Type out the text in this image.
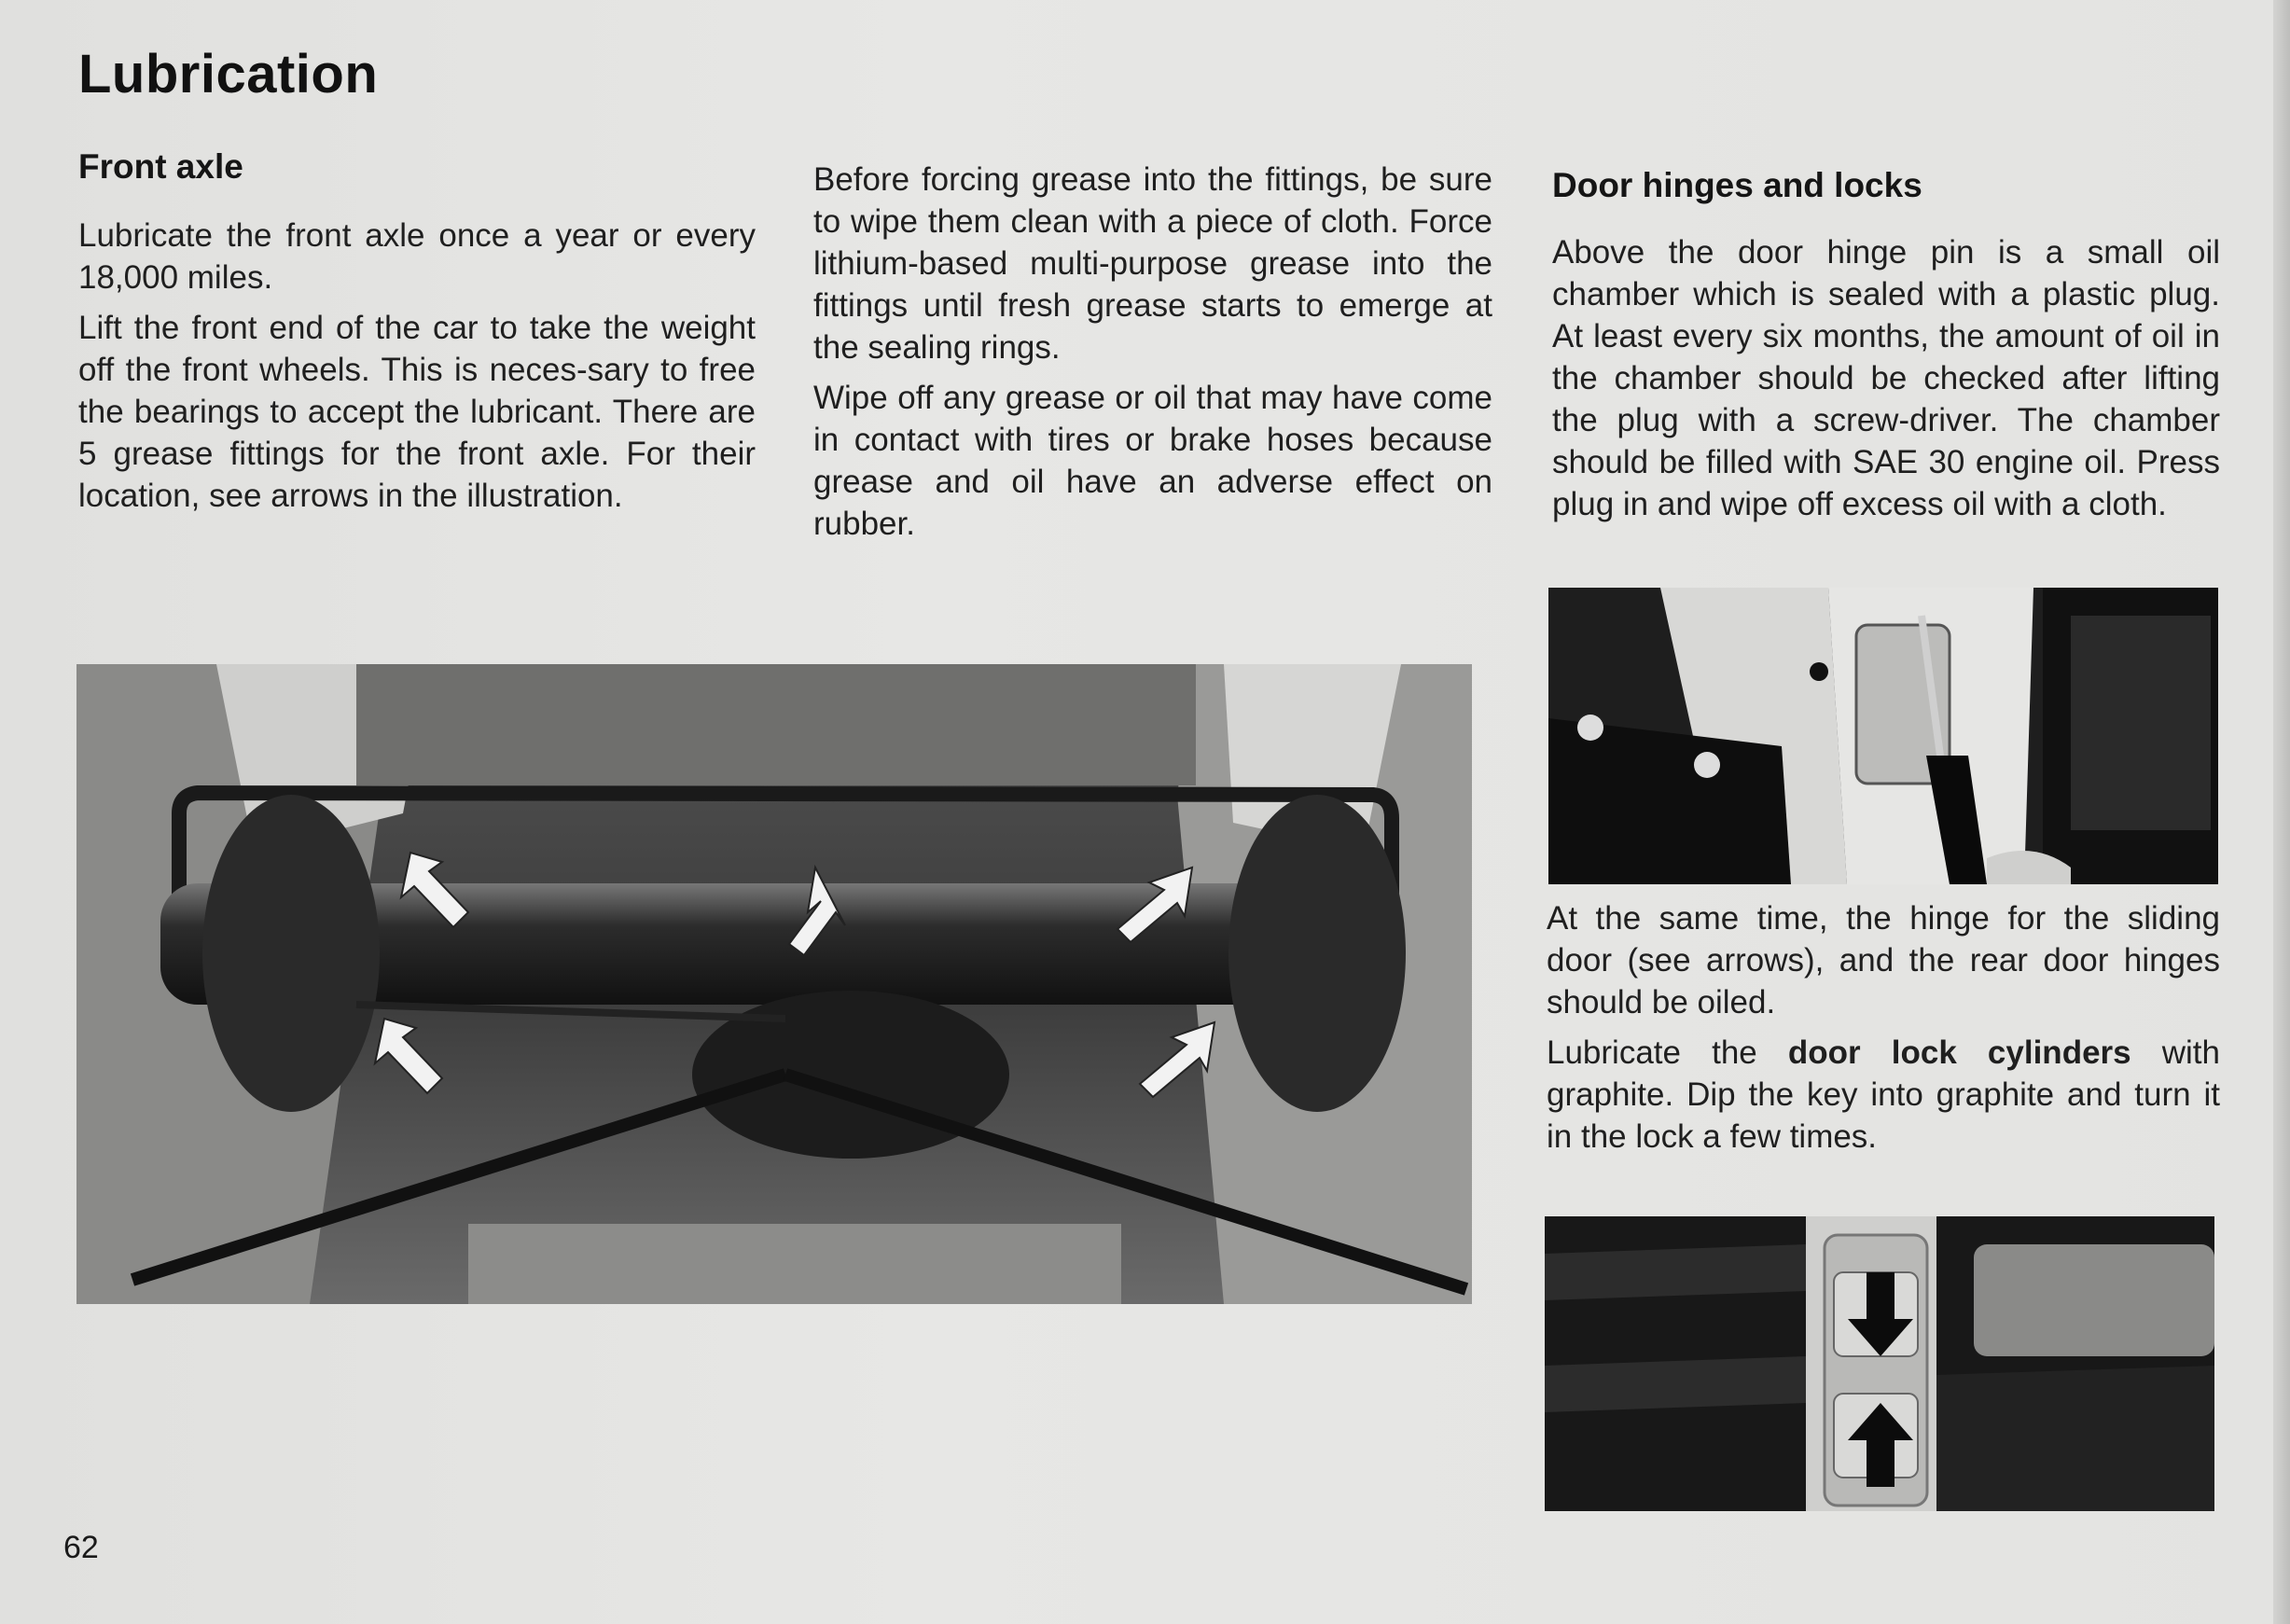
Lubrication
Front axle

Lubricate the front axle once a year or every 18,000 miles.

Lift the front end of the car to take the weight off the front wheels. This is neces-sary to free the bearings to accept the lubricant. There are 5 grease fittings for the front axle. For their location, see arrows in the illustration.

Before forcing grease into the fittings, be sure to wipe them clean with a piece of cloth. Force lithium-based multi-purpose grease into the fittings until fresh grease starts to emerge at the sealing rings.

Wipe off any grease or oil that may have come in contact with tires or brake hoses because grease and oil have an adverse effect on rubber.

Door hinges and locks

Above the door hinge pin is a small oil chamber which is sealed with a plastic plug. At least every six months, the amount of oil in the chamber should be checked after lifting the plug with a screw-driver. The chamber should be filled with SAE 30 engine oil. Press plug in and wipe off excess oil with a cloth.

At the same time, the hinge for the sliding door (see arrows), and the rear door hinges should be oiled.

Lubricate the door lock cylinders with graphite. Dip the key into graphite and turn it in the lock a few times.

62
